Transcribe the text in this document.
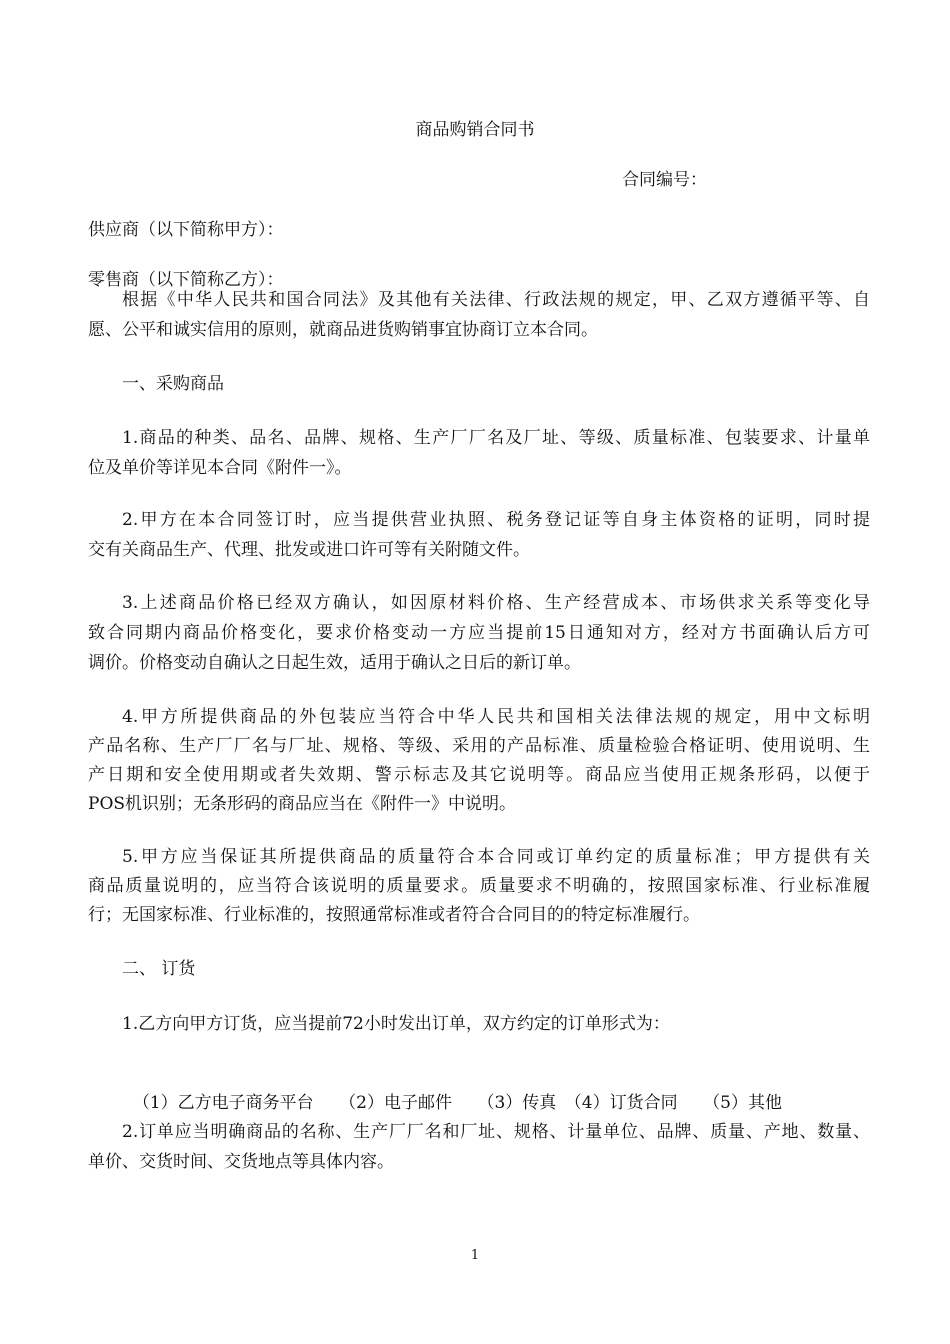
商品购销合同书
合同编号：
供应商（以下简称甲方）：
零售商（以下简称乙方）：
根据《中华人民共和国合同法》及其他有关法律、行政法规的规定，甲、乙双方遵循平等、自
愿、公平和诚实信用的原则，就商品进货购销事宜协商订立本合同。
1.商品的种类、品名、品牌、规格、生产厂厂名及厂址、等级、质量标准、包装要求、计量单
位及单价等详见本合同《附件一》。
2.甲方在本合同签订时，应当提供营业执照、税务登记证等自身主体资格的证明，同时提
交有关商品生产、代理、批发或进口许可等有关附随文件。
3.上述商品价格已经双方确认，如因原材料价格、生产经营成本、市场供求关系等变化导
致合同期内商品价格变化，要求价格变动一方应当提前15日通知对方，经对方书面确认后方可
调价。价格变动自确认之日起生效，适用于确认之日后的新订单。
4.甲方所提供商品的外包装应当符合中华人民共和国相关法律法规的规定，用中文标明
产品名称、生产厂厂名与厂址、规格、等级、采用的产品标准、质量检验合格证明、使用说明、生
产日期和安全使用期或者失效期、警示标志及其它说明等。商品应当使用正规条形码，以便于
POS机识别；无条形码的商品应当在《附件一》中说明。
5.甲方应当保证其所提供商品的质量符合本合同或订单约定的质量标准；甲方提供有关
商品质量说明的，应当符合该说明的质量要求。质量要求不明确的，按照国家标准、行业标准履
行；无国家标准、行业标准的，按照通常标准或者符合合同目的的特定标准履行。
2.订单应当明确商品的名称、生产厂厂名和厂址、规格、计量单位、品牌、质量、产地、数量、
单价、交货时间、交货地点等具体内容。
一、采购商品
二、 订货
1.乙方向甲方订货，应当提前72小时发出订单，双方约定的订单形式为：

（1）乙方电子商务平台　　 （2）电子邮件　　 （3）传真　 （4）订货合同　　 （5）其他

1
